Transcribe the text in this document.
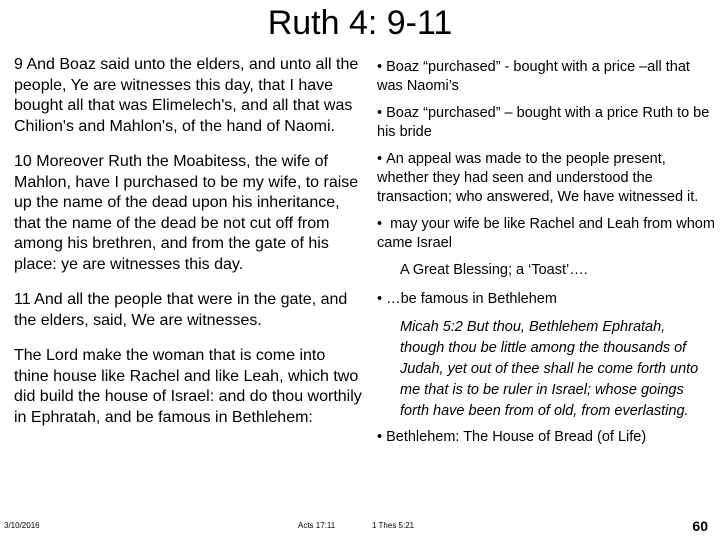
Ruth 4: 9-11

9 And Boaz said unto the elders, and unto all the people, Ye are witnesses this day, that I have bought all that was Elimelech's, and all that was Chilion's and Mahlon's, of the hand of Naomi.

10 Moreover Ruth the Moabitess, the wife of Mahlon, have I purchased to be my wife, to raise up the name of the dead upon his inheritance, that the name of the dead be not cut off from among his brethren, and from the gate of his place: ye are witnesses this day.

11 And all the people that were in the gate, and the elders, said, We are witnesses.

The Lord make the woman that is come into thine house like Rachel and like Leah, which two did build the house of Israel: and do thou worthily in Ephratah, and be famous in Bethlehem:

• Boaz “purchased” - bought with a price –all that was Naomi’s

• Boaz “purchased” – bought with a price Ruth to be his bride

• An appeal was made to the people present, whether they had seen and understood the transaction; who answered, We have witnessed it.

• may your wife be like Rachel and Leah from whom came Israel

A Great Blessing; a ‘Toast’….

• …be famous in Bethlehem

Micah 5:2 But thou, Bethlehem Ephratah, though thou be little among the thousands of Judah, yet out of thee shall he come forth unto me that is to be ruler in Israel; whose goings forth have been from of old, from everlasting.

• Bethlehem: The House of Bread (of Life)

3/10/2016	Acts 17:11	1 Thes 5:21	60
